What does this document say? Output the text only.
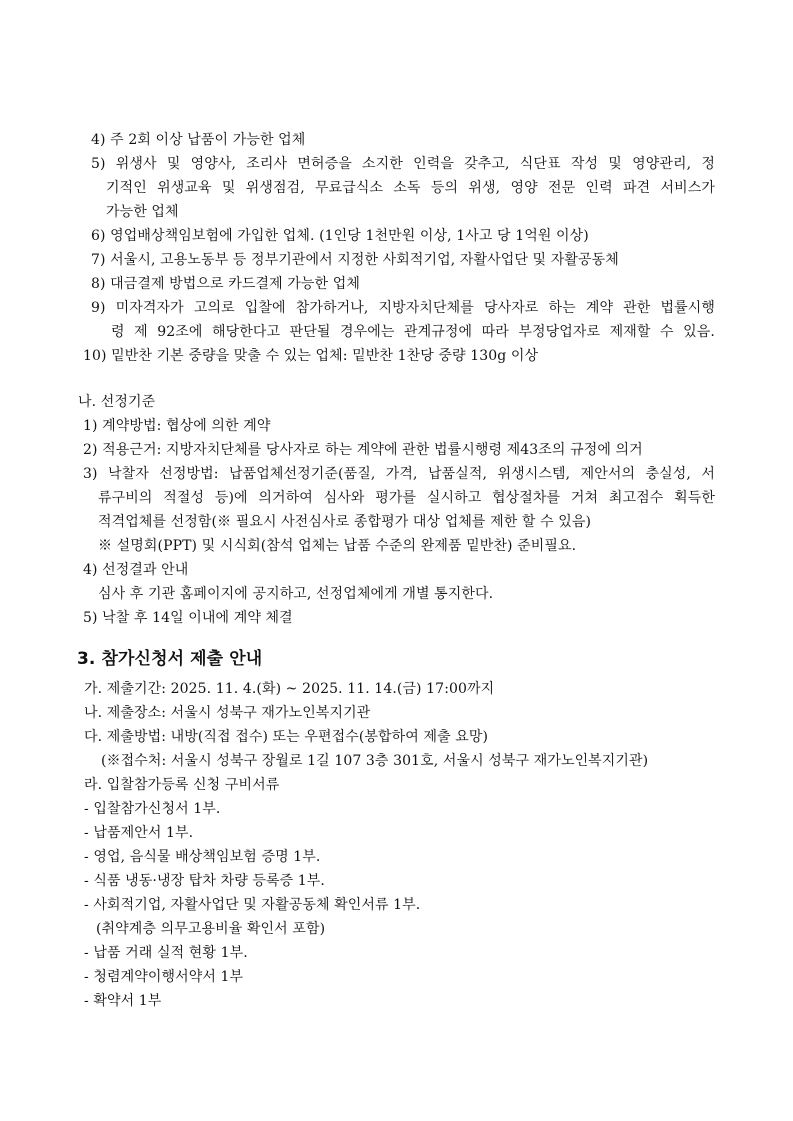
4) 주 2회 이상 납품이 가능한 업체
5) 위생사 및 영양사, 조리사 면허증을 소지한 인력을 갖추고, 식단표 작성 및 영양관리, 정
기적인 위생교육 및 위생점검, 무료급식소 소독 등의 위생, 영양 전문 인력 파견 서비스가
가능한 업체
6) 영업배상책임보험에 가입한 업체. (1인당 1천만원 이상, 1사고 당 1억원 이상)
7) 서울시, 고용노동부 등 정부기관에서 지정한 사회적기업, 자활사업단 및 자활공동체
8) 대금결제 방법으로 카드결제 가능한 업체
9) 미자격자가 고의로 입찰에 참가하거나, 지방자치단체를 당사자로 하는 계약 관한 법률시행
령 제 92조에 해당한다고 판단될 경우에는 관계규정에 따라 부정당업자로 제재할 수 있음.
10) 밑반찬 기본 중량을 맞출 수 있는 업체: 밑반찬 1찬당 중량 130g 이상
나. 선정기준
1) 계약방법: 협상에 의한 계약
2) 적용근거: 지방자치단체를 당사자로 하는 계약에 관한 법률시행령 제43조의 규정에 의거
3) 낙찰자 선정방법: 납품업체선정기준(품질, 가격, 납품실적, 위생시스템, 제안서의 충실성, 서
류구비의 적절성 등)에 의거하여 심사와 평가를 실시하고 협상절차를 거쳐 최고점수 획득한
적격업체를 선정함(※ 필요시 사전심사로 종합평가 대상 업체를 제한 할 수 있음)
※ 설명회(PPT) 및 시식회(참석 업체는 납품 수준의 완제품 밑반찬) 준비필요.
4) 선정결과 안내
심사 후 기관 홈페이지에 공지하고, 선정업체에게 개별 통지한다.
5) 낙찰 후 14일 이내에 계약 체결
3. 참가신청서 제출 안내
가. 제출기간: 2025. 11. 4.(화) ~ 2025. 11. 14.(금) 17:00까지
나. 제출장소: 서울시 성북구 재가노인복지기관
다. 제출방법: 내방(직접 접수) 또는 우편접수(봉합하여 제출 요망)
(※접수처: 서울시 성북구 장월로 1길 107 3층 301호, 서울시 성북구 재가노인복지기관)
라. 입찰참가등록 신청 구비서류
- 입찰참가신청서 1부.
- 납품제안서 1부.
- 영업, 음식물 배상책임보험 증명 1부.
- 식품 냉동·냉장 탑차 차량 등록증 1부.
- 사회적기업, 자활사업단 및 자활공동체 확인서류 1부.
(취약계층 의무고용비율 확인서 포함)
- 납품 거래 실적 현황 1부.
- 청렴계약이행서약서 1부
- 확약서 1부
